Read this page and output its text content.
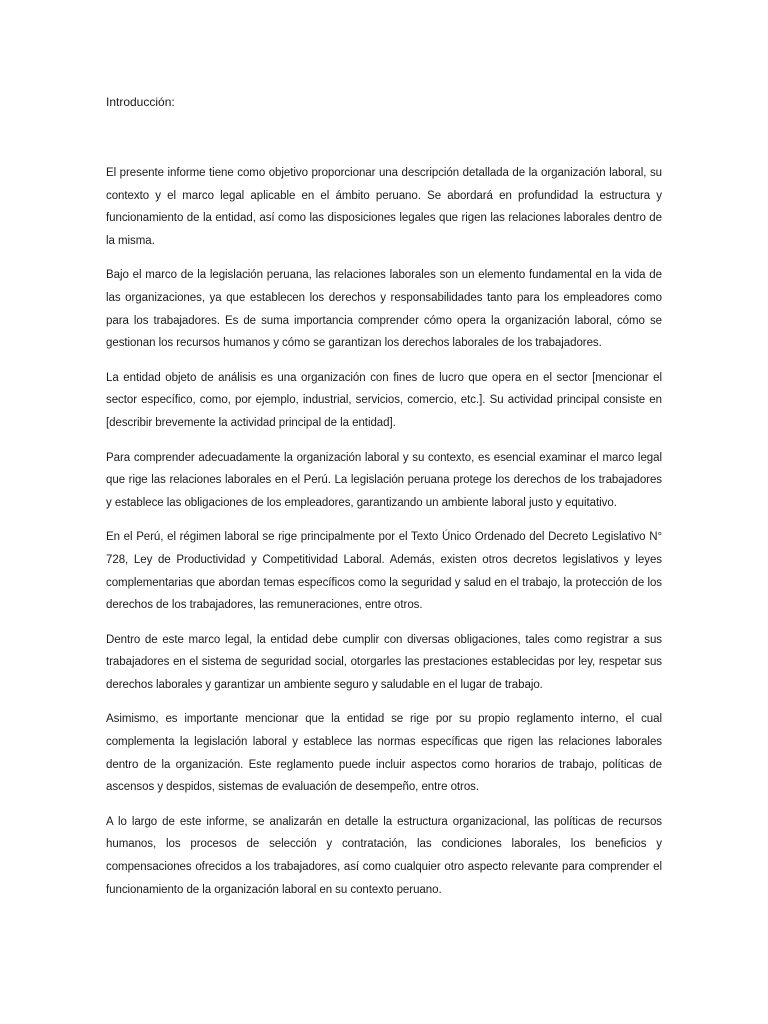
Introducción:

El presente informe tiene como objetivo proporcionar una descripción detallada de la organización laboral, su contexto y el marco legal aplicable en el ámbito peruano. Se abordará en profundidad la estructura y funcionamiento de la entidad, así como las disposiciones legales que rigen las relaciones laborales dentro de la misma.

Bajo el marco de la legislación peruana, las relaciones laborales son un elemento fundamental en la vida de las organizaciones, ya que establecen los derechos y responsabilidades tanto para los empleadores como para los trabajadores. Es de suma importancia comprender cómo opera la organización laboral, cómo se gestionan los recursos humanos y cómo se garantizan los derechos laborales de los trabajadores.

La entidad objeto de análisis es una organización con fines de lucro que opera en el sector [mencionar el sector específico, como, por ejemplo, industrial, servicios, comercio, etc.]. Su actividad principal consiste en [describir brevemente la actividad principal de la entidad].

Para comprender adecuadamente la organización laboral y su contexto, es esencial examinar el marco legal que rige las relaciones laborales en el Perú. La legislación peruana protege los derechos de los trabajadores y establece las obligaciones de los empleadores, garantizando un ambiente laboral justo y equitativo.

En el Perú, el régimen laboral se rige principalmente por el Texto Único Ordenado del Decreto Legislativo N° 728, Ley de Productividad y Competitividad Laboral. Además, existen otros decretos legislativos y leyes complementarias que abordan temas específicos como la seguridad y salud en el trabajo, la protección de los derechos de los trabajadores, las remuneraciones, entre otros.

Dentro de este marco legal, la entidad debe cumplir con diversas obligaciones, tales como registrar a sus trabajadores en el sistema de seguridad social, otorgarles las prestaciones establecidas por ley, respetar sus derechos laborales y garantizar un ambiente seguro y saludable en el lugar de trabajo.

Asimismo, es importante mencionar que la entidad se rige por su propio reglamento interno, el cual complementa la legislación laboral y establece las normas específicas que rigen las relaciones laborales dentro de la organización. Este reglamento puede incluir aspectos como horarios de trabajo, políticas de ascensos y despidos, sistemas de evaluación de desempeño, entre otros.

A lo largo de este informe, se analizarán en detalle la estructura organizacional, las políticas de recursos humanos, los procesos de selección y contratación, las condiciones laborales, los beneficios y compensaciones ofrecidos a los trabajadores, así como cualquier otro aspecto relevante para comprender el funcionamiento de la organización laboral en su contexto peruano.
